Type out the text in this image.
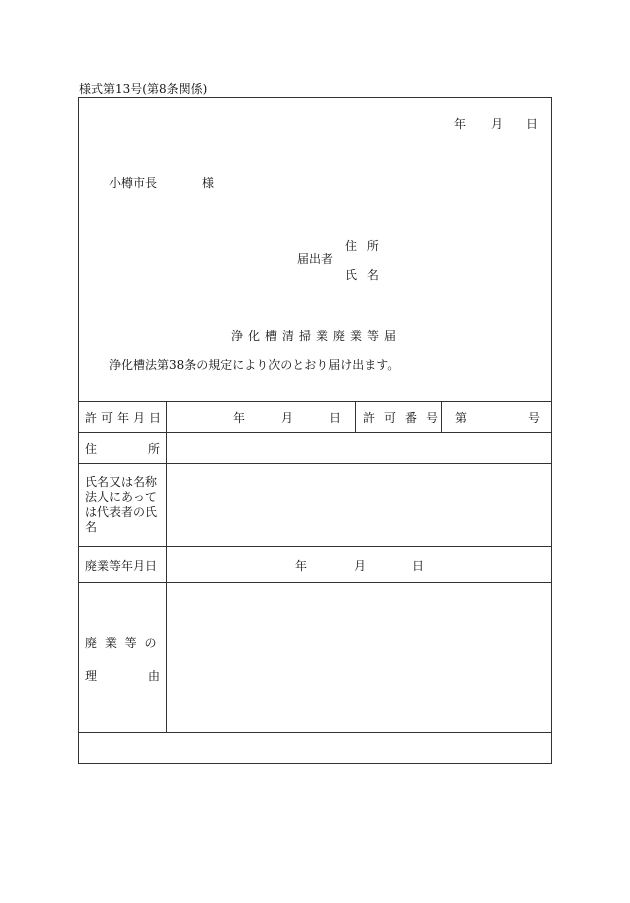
様式第13号(第8条関係)
年 月 日
小樽市長	様
届出者
住 所
氏 名
浄化槽清掃業廃業等届
浄化槽法第38条の規定により次のとおり届け出ます。
許可年月日	年	月	日 許可番号 第	号
住	所
氏名又は名称
法人にあって
は代表者の氏
名
廃業等年月日	年	月	日
廃 業 等 の
理	由
